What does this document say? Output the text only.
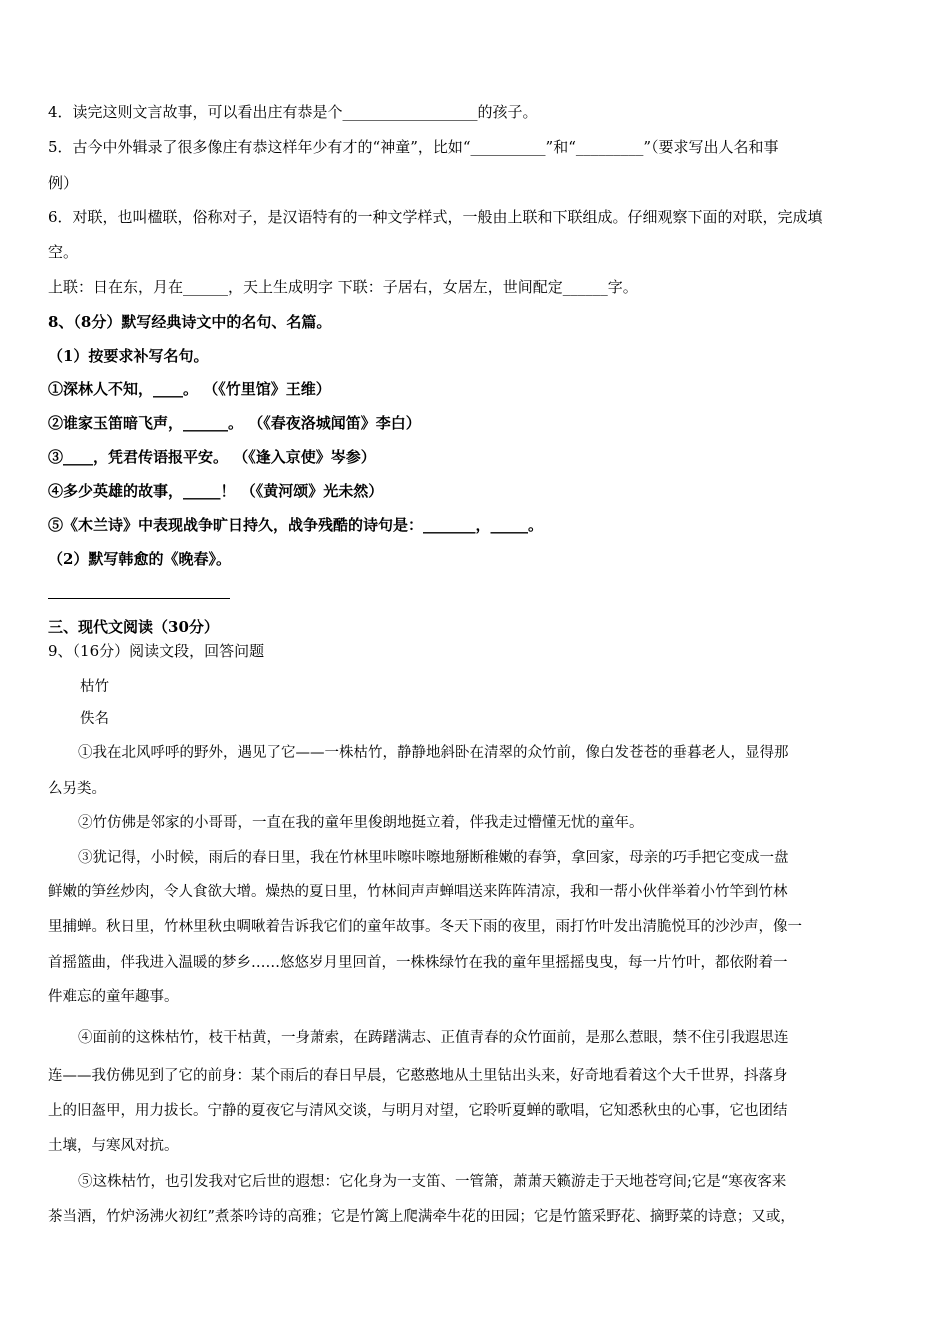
4．读完这则文言故事，可以看出庄有恭是个__________________的孩子。
5．古今中外辑录了很多像庄有恭这样年少有才的“神童”，比如“__________”和“_________”（要求写出人名和事
例）
6．对联，也叫楹联，俗称对子，是汉语特有的一种文学样式，一般由上联和下联组成。仔细观察下面的对联，完成填
空。
上联：日在东，月在______，天上生成明字 下联：子居右，女居左，世间配定______字。
8、（8分）默写经典诗文中的名句、名篇。
（1）按要求补写名句。
①深林人不知，____。 （《竹里馆》王维）
②谁家玉笛暗飞声，______。 （《春夜洛城闻笛》李白）
③____，凭君传语报平安。 （《逢入京使》岑参）
④多少英雄的故事，_____！ （《黄河颂》光未然）
⑤《木兰诗》中表现战争旷日持久，战争残酷的诗句是：_______，_____。
（2）默写韩愈的《晚春》。
三、现代文阅读（30分）
9、（16分）阅读文段，回答问题
枯竹
佚名
①我在北风呼呼的野外，遇见了它——一株枯竹，静静地斜卧在清翠的众竹前，像白发苍苍的垂暮老人，显得那
么另类。
②竹仿佛是邻家的小哥哥，一直在我的童年里俊朗地挺立着，伴我走过懵懂无忧的童年。
③犹记得，小时候，雨后的春日里，我在竹林里咔嚓咔嚓地掰断稚嫩的春笋，拿回家，母亲的巧手把它变成一盘
鲜嫩的笋丝炒肉，令人食欲大增。燥热的夏日里，竹林间声声蝉唱送来阵阵清凉，我和一帮小伙伴举着小竹竿到竹林
里捕蝉。秋日里，竹林里秋虫啁啾着告诉我它们的童年故事。冬天下雨的夜里，雨打竹叶发出清脆悦耳的沙沙声，像一
首摇篮曲，伴我进入温暖的梦乡……悠悠岁月里回首，一株株绿竹在我的童年里摇摇曳曳，每一片竹叶，都依附着一
件难忘的童年趣事。
④面前的这株枯竹，枝干枯黄，一身萧索，在踌躇满志、正值青春的众竹面前，是那么惹眼，禁不住引我遐思连
连——我仿佛见到了它的前身：某个雨后的春日早晨，它憨憨地从土里钻出头来，好奇地看着这个大千世界，抖落身
上的旧盔甲，用力拔长。宁静的夏夜它与清风交谈，与明月对望，它聆听夏蝉的歌唱，它知悉秋虫的心事，它也团结
土壤，与寒风对抗。
⑤这株枯竹，也引发我对它后世的遐想：它化身为一支笛、一管箫，萧萧天籁游走于天地苍穹间;它是“寒夜客来
茶当酒，竹炉汤沸火初红”煮茶吟诗的高雅；它是竹篱上爬满牵牛花的田园；它是竹篮采野花、摘野菜的诗意；又或，
